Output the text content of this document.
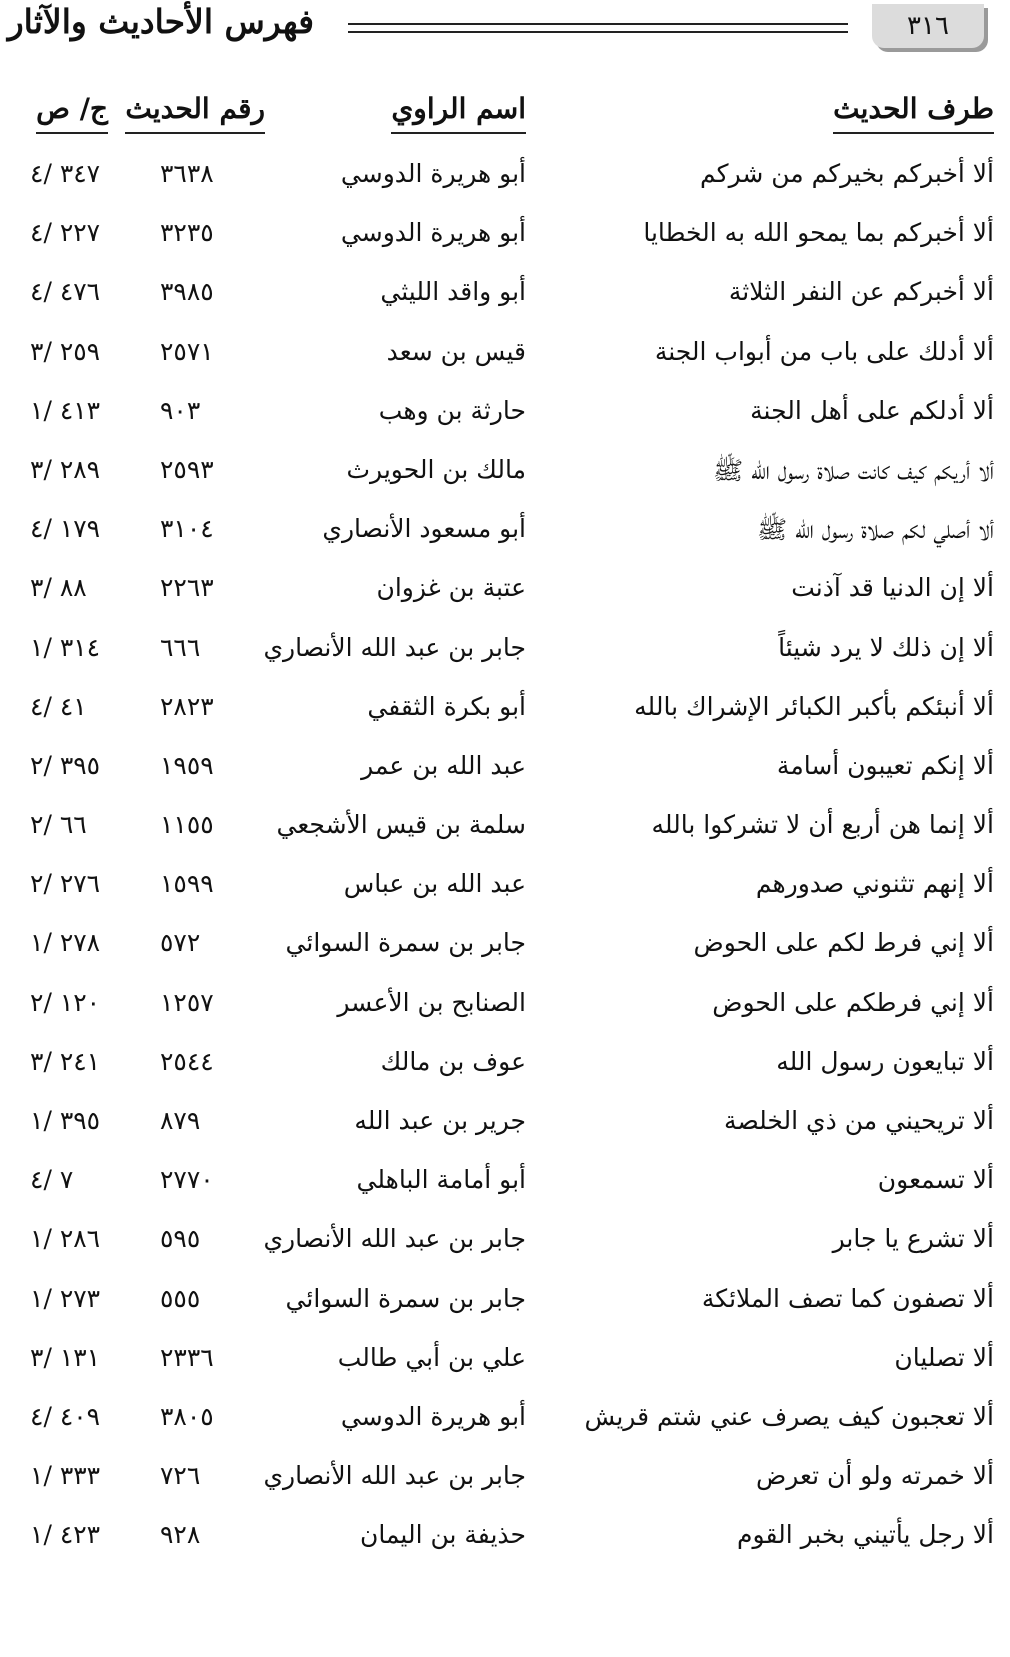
٣١٦
فهرس الأحاديث والآثار
طرف الحديث
اسم الراوي
رقم الحديث
ج/ ص
ألا أخبركم بخيركم من شركم
أبو هريرة الدوسي
٣٦٣٨
٣٤٧ /٤
ألا أخبركم بما يمحو الله به الخطايا
أبو هريرة الدوسي
٣٢٣٥
٢٢٧ /٤
ألا أخبركم عن النفر الثلاثة
أبو واقد الليثي
٣٩٨٥
٤٧٦ /٤
ألا أدلك على باب من أبواب الجنة
قيس بن سعد
٢٥٧١
٢٥٩ /٣
ألا أدلكم على أهل الجنة
حارثة بن وهب
٩٠٣
٤١٣ /١
ألا أريكم كيف كانت صلاة رسول الله ﷺ
مالك بن الحويرث
٢٥٩٣
٢٨٩ /٣
ألا أصلي لكم صلاة رسول الله ﷺ
أبو مسعود الأنصاري
٣١٠٤
١٧٩ /٤
ألا إن الدنيا قد آذنت
عتبة بن غزوان
٢٢٦٣
٨٨ /٣
ألا إن ذلك لا يرد شيئاً
جابر بن عبد الله الأنصاري
٦٦٦
٣١٤ /١
ألا أنبئكم بأكبر الكبائر الإشراك بالله
أبو بكرة الثقفي
٢٨٢٣
٤١ /٤
ألا إنكم تعيبون أسامة
عبد الله بن عمر
١٩٥٩
٣٩٥ /٢
ألا إنما هن أربع أن لا تشركوا بالله
سلمة بن قيس الأشجعي
١١٥٥
٦٦ /٢
ألا إنهم تثنوني صدورهم
عبد الله بن عباس
١٥٩٩
٢٧٦ /٢
ألا إني فرط لكم على الحوض
جابر بن سمرة السوائي
٥٧٢
٢٧٨ /١
ألا إني فرطكم على الحوض
الصنابح بن الأعسر
١٢٥٧
١٢٠ /٢
ألا تبايعون رسول الله
عوف بن مالك
٢٥٤٤
٢٤١ /٣
ألا تريحيني من ذي الخلصة
جرير بن عبد الله
٨٧٩
٣٩٥ /١
ألا تسمعون
أبو أمامة الباهلي
٢٧٧٠
٧ /٤
ألا تشرع يا جابر
جابر بن عبد الله الأنصاري
٥٩٥
٢٨٦ /١
ألا تصفون كما تصف الملائكة
جابر بن سمرة السوائي
٥٥٥
٢٧٣ /١
ألا تصليان
علي بن أبي طالب
٢٣٣٦
١٣١ /٣
ألا تعجبون كيف يصرف عني شتم قريش
أبو هريرة الدوسي
٣٨٠٥
٤٠٩ /٤
ألا خمرته ولو أن تعرض
جابر بن عبد الله الأنصاري
٧٢٦
٣٣٣ /١
ألا رجل يأتيني بخبر القوم
حذيفة بن اليمان
٩٢٨
٤٢٣ /١
